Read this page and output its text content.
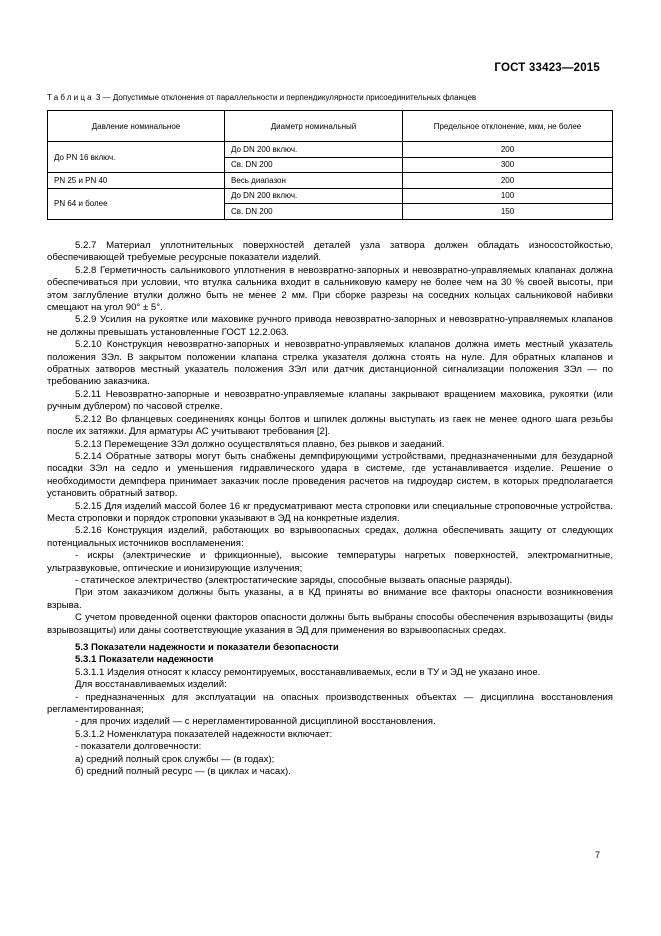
ГОСТ 33423—2015
Таблица 3 — Допустимые отклонения от параллельности и перпендикулярности присоединительных фланцев
Давление номинальное	Диаметр номинальный	Предельное отклонение, мкм, не более
До PN 16 включ.	До DN 200 включ.	200
	Св. DN 200	300
PN 25 и PN 40	Весь диапазон	200
PN 64 и более	До DN 200 включ.	100
	Св. DN 200	150

5.2.7 Материал уплотнительных поверхностей деталей узла затвора должен обладать износостойкостью, обеспечивающей требуемые ресурсные показатели изделий.

5.2.8 Герметичность сальникового уплотнения в невозвратно-запорных и невозвратно-управляемых клапанах должна обеспечиваться при условии, что втулка сальника входит в сальниковую камеру не более чем на 30 % своей высоты, при этом заглубление втулки должно быть не менее 2 мм. При сборке разрезы на соседних кольцах сальниковой набивки смещают на угол 90° ± 5°.

5.2.9 Усилия на рукоятке или маховике ручного привода невозвратно-запорных и невозвратно-управляемых клапанов не должны превышать установленные ГОСТ 12.2.063.

5.2.10 Конструкция невозвратно-запорных и невозвратно-управляемых клапанов должна иметь местный указатель положения ЗЭл. В закрытом положении клапана стрелка указателя должна стоять на нуле. Для обратных клапанов и обратных затворов местный указатель положения ЗЭл или датчик дистанционной сигнализации положения ЗЭл — по требованию заказчика.

5.2.11 Невозвратно-запорные и невозвратно-управляемые клапаны закрывают вращением маховика, рукоятки (или ручным дублером) по часовой стрелке.

5.2.12 Во фланцевых соединениях концы болтов и шпилек должны выступать из гаек не менее одного шага резьбы после их затяжки. Для арматуры АС учитывают требования [2].

5.2.13 Перемещение ЗЭл должно осуществляться плавно, без рывков и заеданий.

5.2.14 Обратные затворы могут быть снабжены демпфирующими устройствами, предназначенными для безударной посадки ЗЭл на седло и уменьшения гидравлического удара в системе, где устанавливается изделие. Решение о необходимости демпфера принимает заказчик после проведения расчетов на гидроудар систем, в которых предполагается установить обратный затвор.

5.2.15 Для изделий массой более 16 кг предусматривают места строповки или специальные строповочные устройства. Места строповки и порядок строповки указывают в ЭД на конкретные изделия.

5.2.16 Конструкция изделий, работающих во взрывоопасных средах, должна обеспечивать защиту от следующих потенциальных источников воспламенения:

- искры (электрические и фрикционные), высокие температуры нагретых поверхностей, электромагнитные, ультразвуковые, оптические и ионизирующие излучения;

- статическое электричество (электростатические заряды, способные вызвать опасные разряды).

При этом заказчиком должны быть указаны, а в КД приняты во внимание все факторы опасности возникновения взрыва.

С учетом проведенной оценки факторов опасности должны быть выбраны способы обеспечения взрывозащиты (виды взрывозащиты) или даны соответствующие указания в ЭД для применения во взрывоопасных средах.

5.3 Показатели надежности и показатели безопасности

5.3.1 Показатели надежности

5.3.1.1 Изделия относят к классу ремонтируемых, восстанавливаемых, если в ТУ и ЭД не указано иное.

Для восстанавливаемых изделий:

- предназначенных для эксплуатации на опасных производственных объектах — дисциплина восстановления регламентированная;

- для прочих изделий — с нерегламентированной дисциплиной восстановления.

5.3.1.2 Номенклатура показателей надежности включает:

- показатели долговечности:

а) средний полный срок службы — (в годах);

б) средний полный ресурс — (в циклах и часах).

7
